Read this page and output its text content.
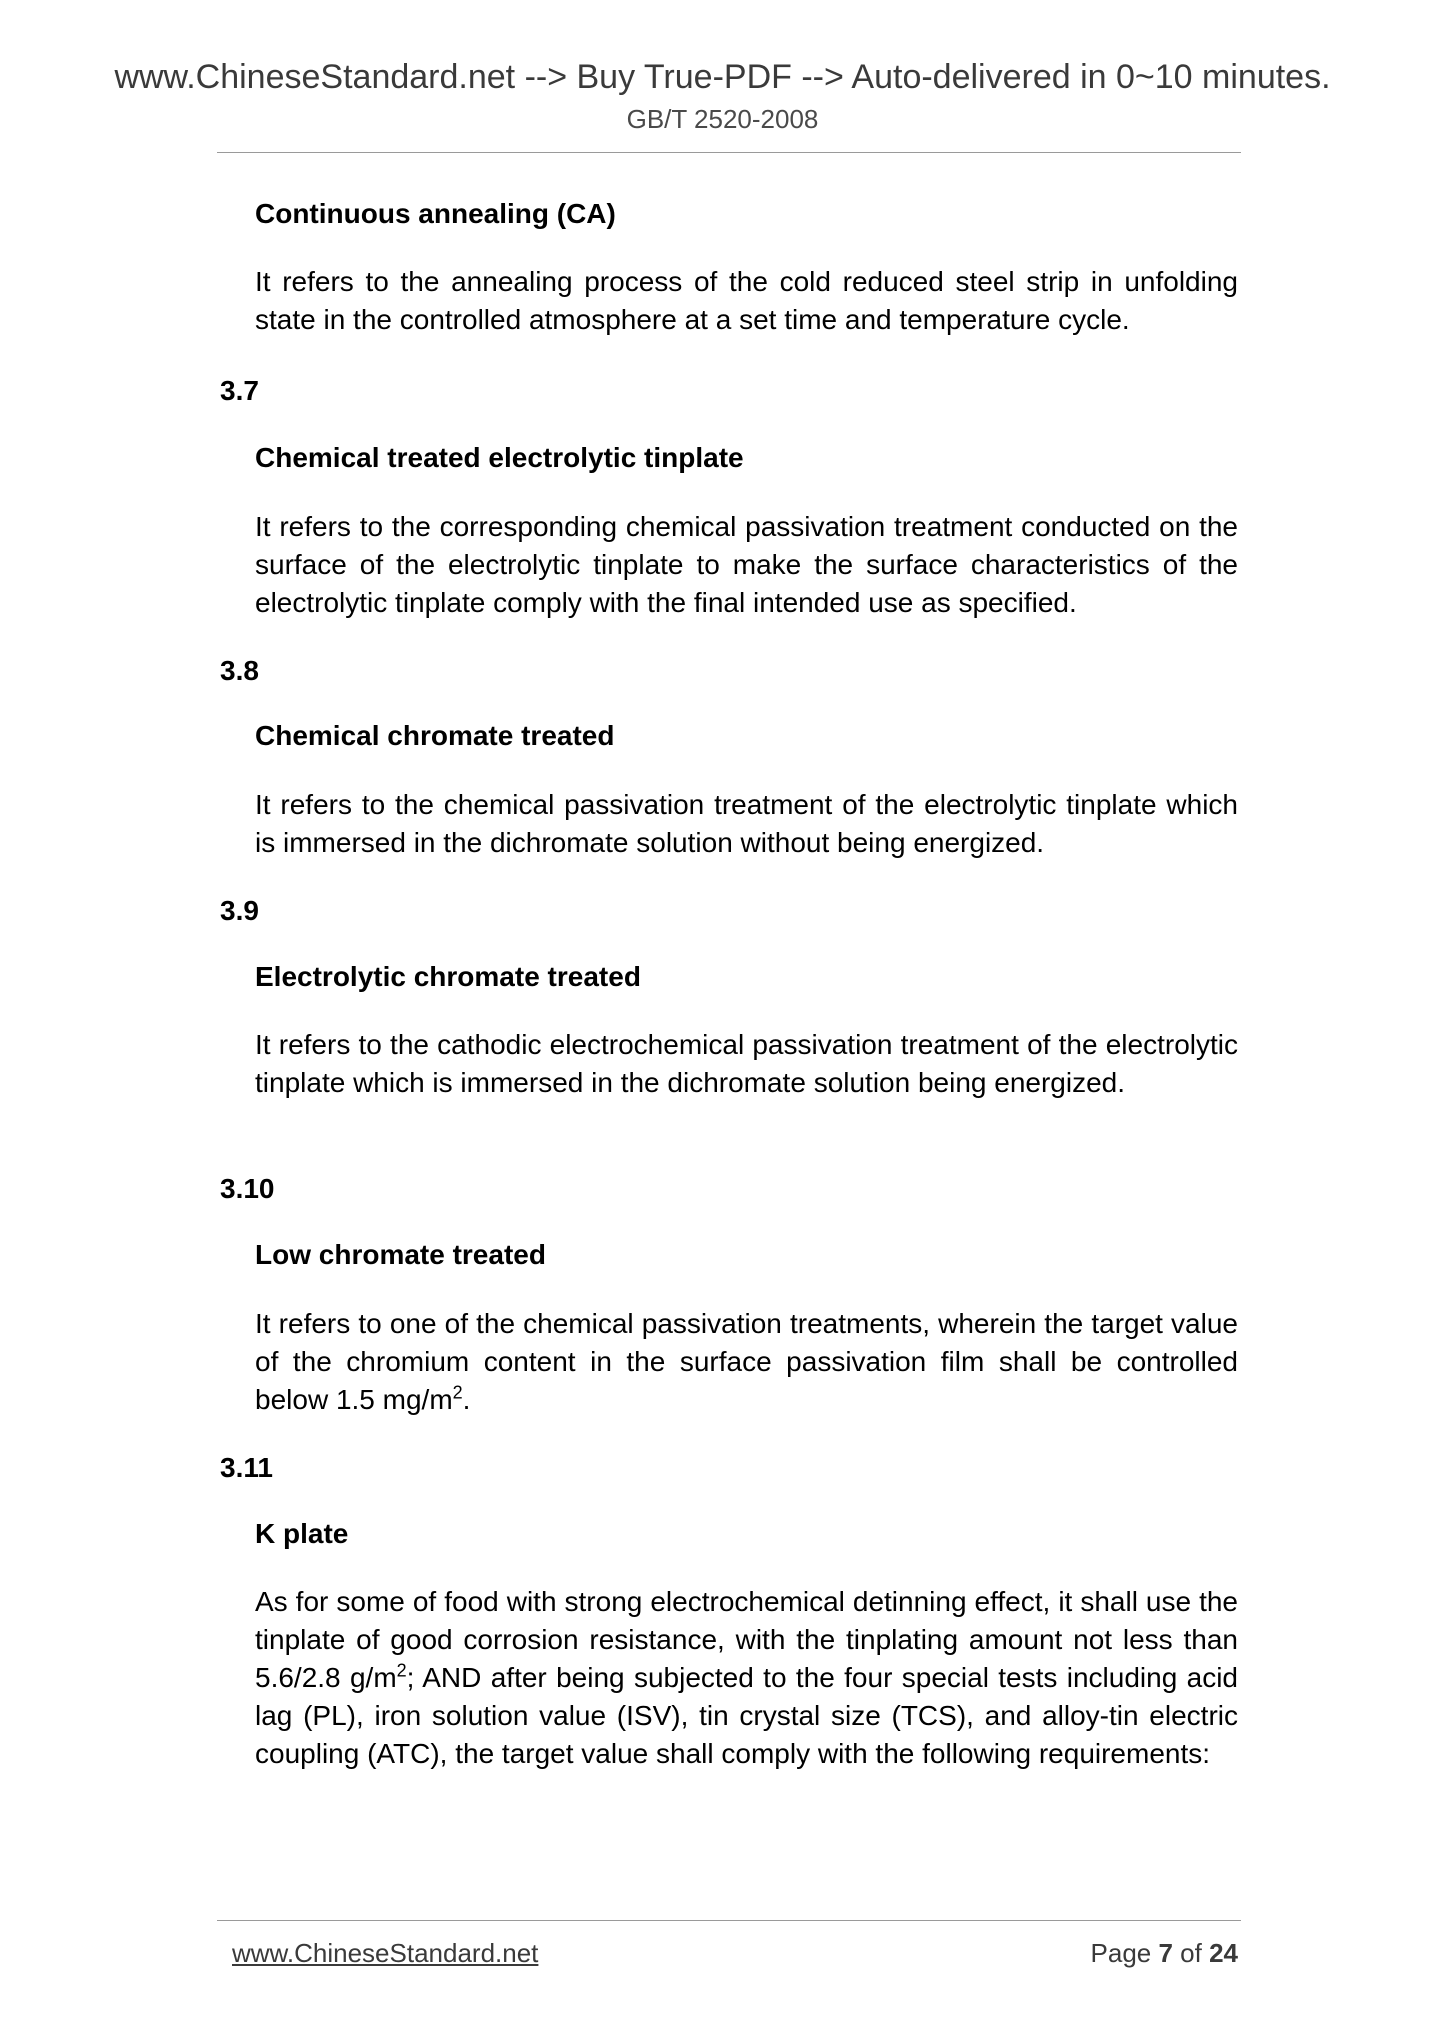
www.ChineseStandard.net --> Buy True-PDF --> Auto-delivered in 0~10 minutes.
GB/T 2520-2008
Continuous annealing (CA)
It refers to the annealing process of the cold reduced steel strip in unfolding state in the controlled atmosphere at a set time and temperature cycle.
3.7
Chemical treated electrolytic tinplate
It refers to the corresponding chemical passivation treatment conducted on the surface of the electrolytic tinplate to make the surface characteristics of the electrolytic tinplate comply with the final intended use as specified.
3.8
Chemical chromate treated
It refers to the chemical passivation treatment of the electrolytic tinplate which is immersed in the dichromate solution without being energized.
3.9
Electrolytic chromate treated
It refers to the cathodic electrochemical passivation treatment of the electrolytic tinplate which is immersed in the dichromate solution being energized.
3.10
Low chromate treated
It refers to one of the chemical passivation treatments, wherein the target value of the chromium content in the surface passivation film shall be controlled below 1.5 $mg/m^2$.
3.11
K plate
As for some of food with strong electrochemical detinning effect, it shall use the tinplate of good corrosion resistance, with the tinplating amount not less than 5.6/2.8 $g/m^2$; AND after being subjected to the four special tests including acid lag (PL), iron solution value (ISV), tin crystal size (TCS), and alloy-tin electric coupling (ATC), the target value shall comply with the following requirements:
www.ChineseStandard.net	Page 7 of 24
